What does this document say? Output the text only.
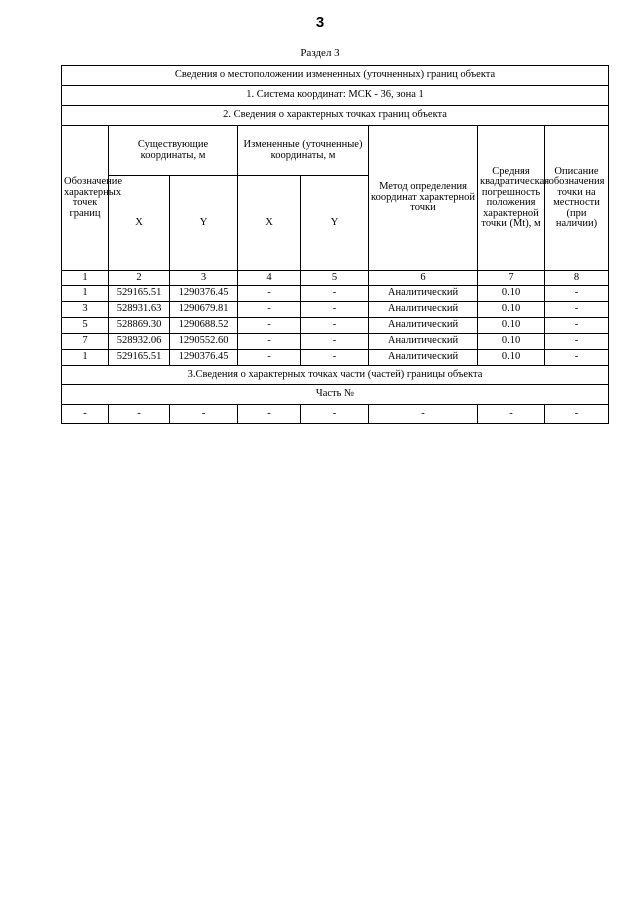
3
Раздел 3
Сведения о местоположении измененных (уточненных) границ объекта							
1. Система координат: МСК - 36, зона 1							
2. Сведения о характерных точках границ объекта							
Обозначение характерных точек границ	Существующие координаты, м		Измененные (уточненные) координаты, м		Метод определения координат характерной точки	Средняя квадратическая погрешность положения характерной точки (Mt), м	Описание обозначения точки на местности (при наличии)
	X	Y	X	Y			
1	2	3	4	5	6	7	8
1	529165.51	1290376.45	-	-	Аналитический	0.10	-
3	528931.63	1290679.81	-	-	Аналитический	0.10	-
5	528869.30	1290688.52	-	-	Аналитический	0.10	-
7	528932.06	1290552.60	-	-	Аналитический	0.10	-
1	529165.51	1290376.45	-	-	Аналитический	0.10	-
3.Сведения о характерных точках части (частей) границы объекта							
Часть №							
-	-	-	-	-	-	-	-
